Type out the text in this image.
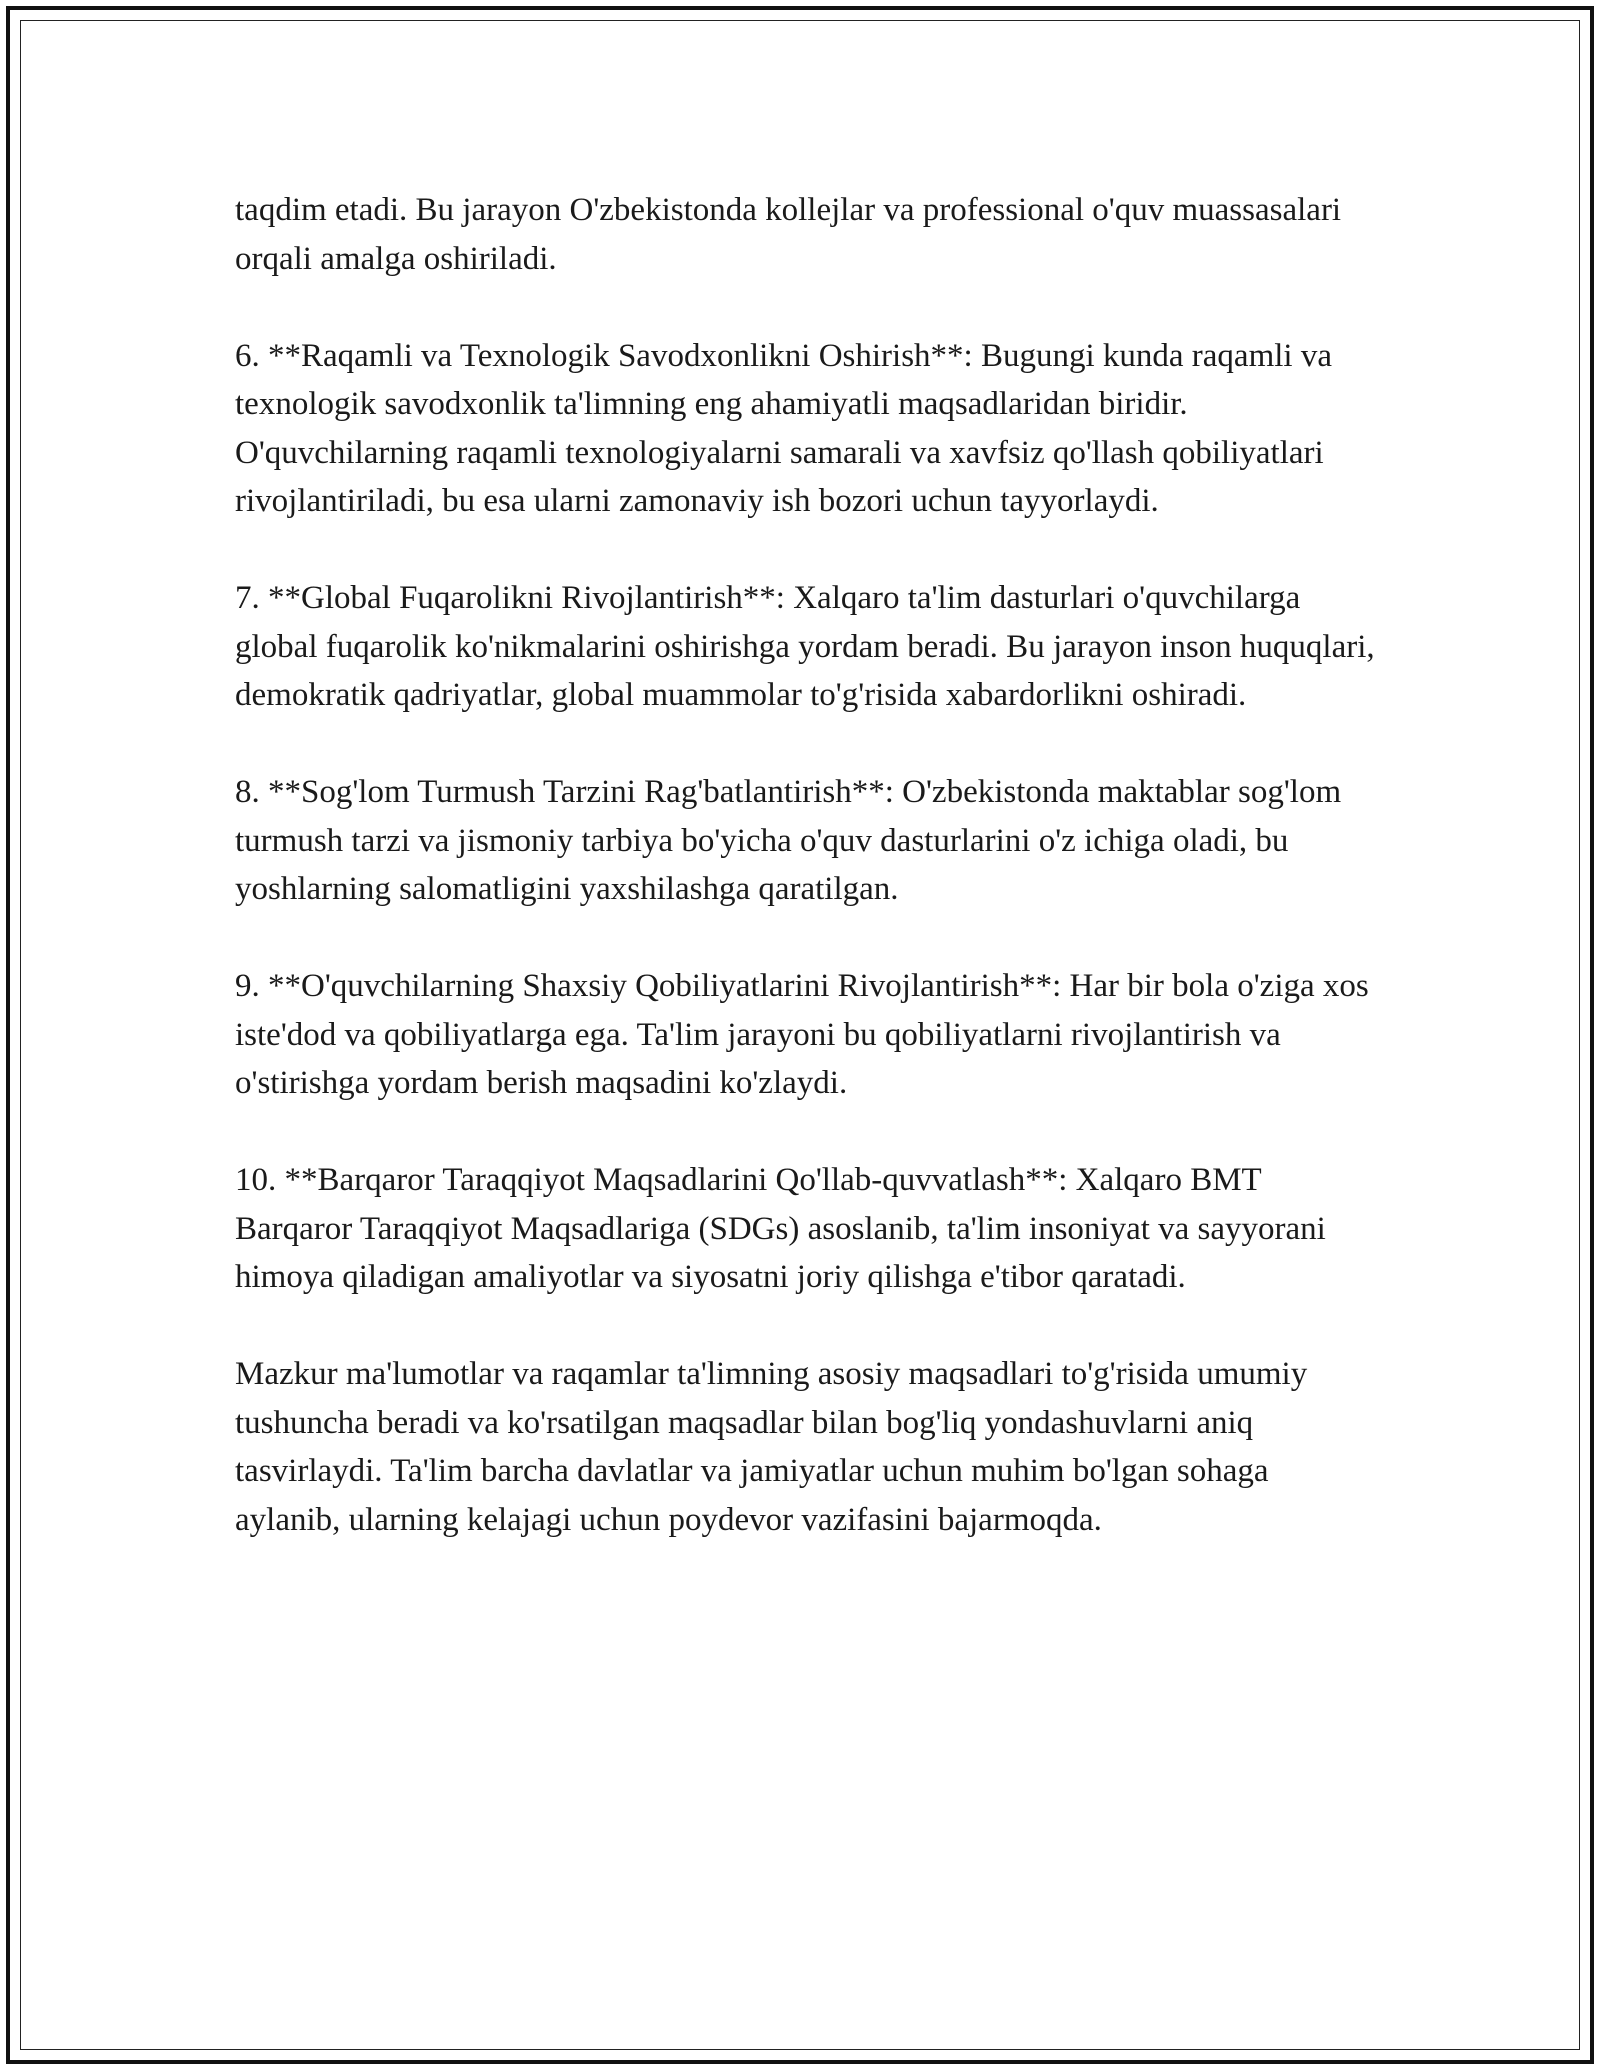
taqdim etadi. Bu jarayon O'zbekistonda kollejlar va professional o'quv muassasalari orqali amalga oshiriladi.

6. **Raqamli va Texnologik Savodxonlikni Oshirish**: Bugungi kunda raqamli va texnologik savodxonlik ta'limning eng ahamiyatli maqsadlaridan biridir. O'quvchilarning raqamli texnologiyalarni samarali va xavfsiz qo'llash qobiliyatlari rivojlantiriladi, bu esa ularni zamonaviy ish bozori uchun tayyorlaydi.

7. **Global Fuqarolikni Rivojlantirish**: Xalqaro ta'lim dasturlari o'quvchilarga global fuqarolik ko'nikmalarini oshirishga yordam beradi. Bu jarayon inson huquqlari, demokratik qadriyatlar, global muammolar to'g'risida xabardorlikni oshiradi.

8. **Sog'lom Turmush Tarzini Rag'batlantirish**: O'zbekistonda maktablar sog'lom turmush tarzi va jismoniy tarbiya bo'yicha o'quv dasturlarini o'z ichiga oladi, bu yoshlarning salomatligini yaxshilashga qaratilgan.

9. **O'quvchilarning Shaxsiy Qobiliyatlarini Rivojlantirish**: Har bir bola o'ziga xos iste'dod va qobiliyatlarga ega. Ta'lim jarayoni bu qobiliyatlarni rivojlantirish va o'stirishga yordam berish maqsadini ko'zlaydi.

10. **Barqaror Taraqqiyot Maqsadlarini Qo'llab-quvvatlash**: Xalqaro BMT Barqaror Taraqqiyot Maqsadlariga (SDGs) asoslanib, ta'lim insoniyat va sayyorani himoya qiladigan amaliyotlar va siyosatni joriy qilishga e'tibor qaratadi.

Mazkur ma'lumotlar va raqamlar ta'limning asosiy maqsadlari to'g'risida umumiy tushuncha beradi va ko'rsatilgan maqsadlar bilan bog'liq yondashuvlarni aniq tasvirlaydi. Ta'lim barcha davlatlar va jamiyatlar uchun muhim bo'lgan sohaga aylanib, ularning kelajagi uchun poydevor vazifasini bajarmoqda.
